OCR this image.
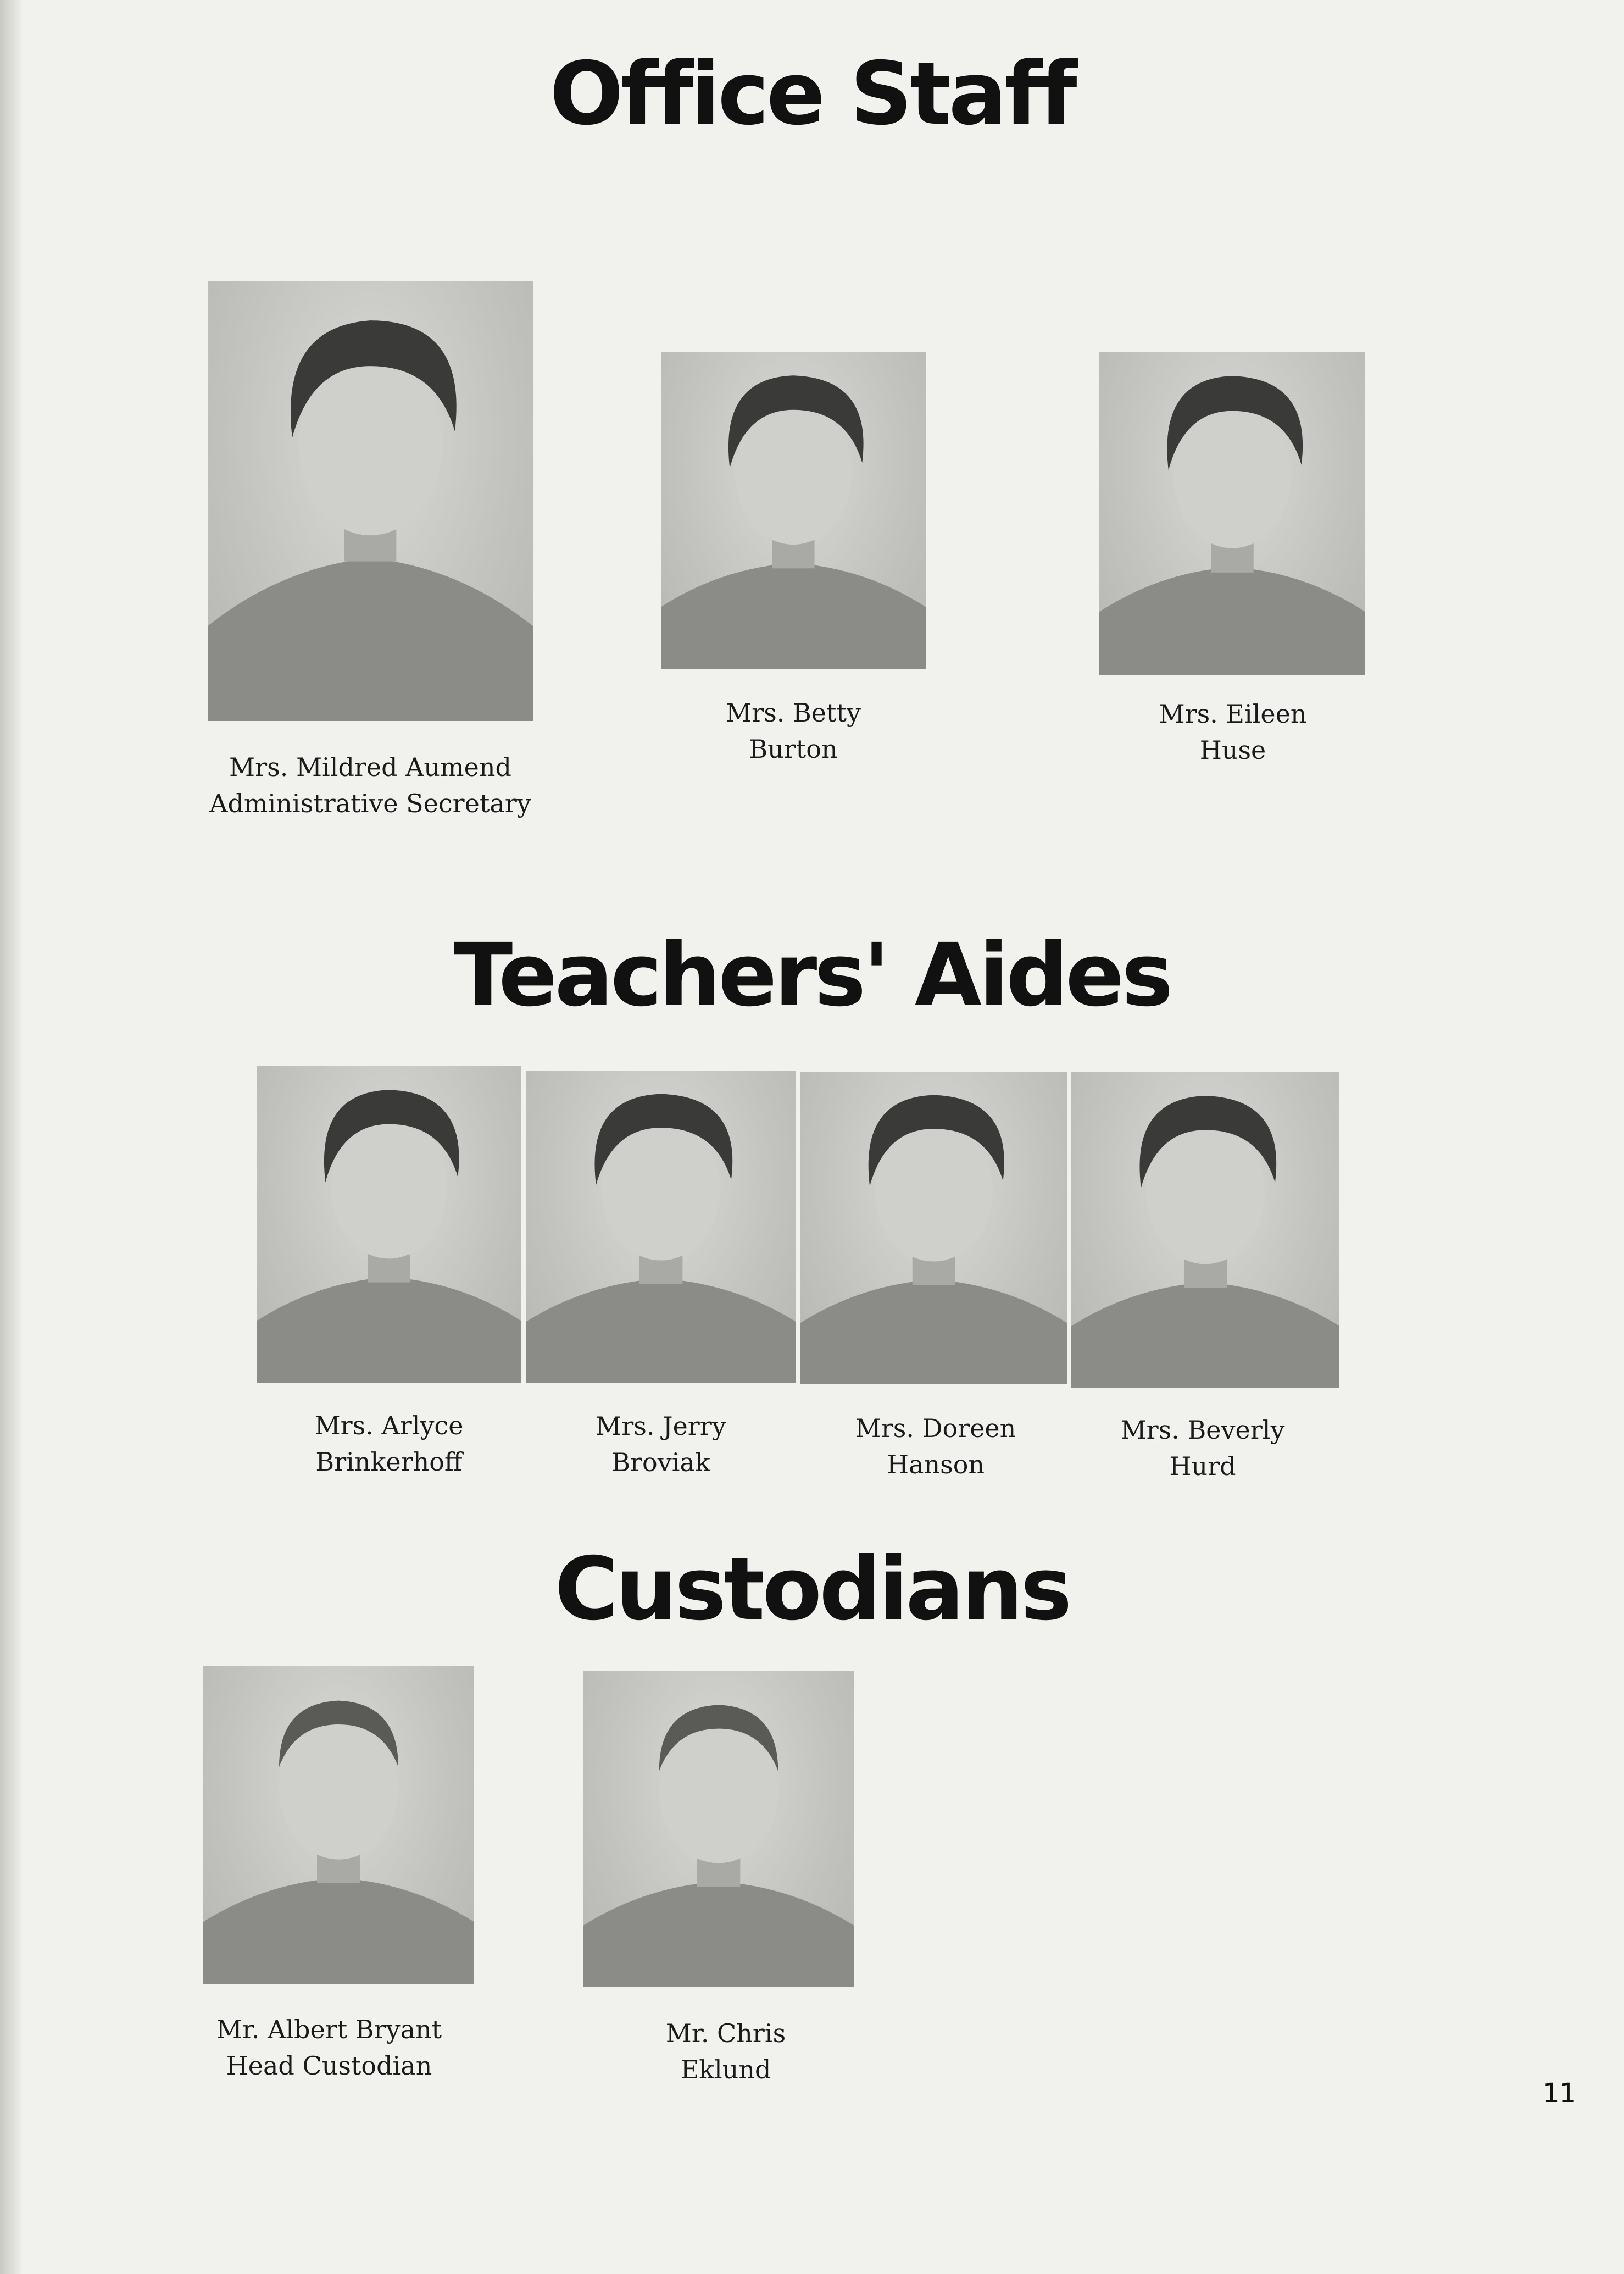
Office Staff
Mrs. Mildred Aumend
Administrative Secretary
Mrs. Betty
Burton
Mrs. Eileen
Huse
Teachers' Aides
Mrs. Arlyce
Brinkerhoff
Mrs. Jerry
Broviak
Mrs. Doreen
Hanson
Mrs. Beverly
Hurd
Custodians
Mr. Albert Bryant
Head Custodian
Mr. Chris
Eklund
11
